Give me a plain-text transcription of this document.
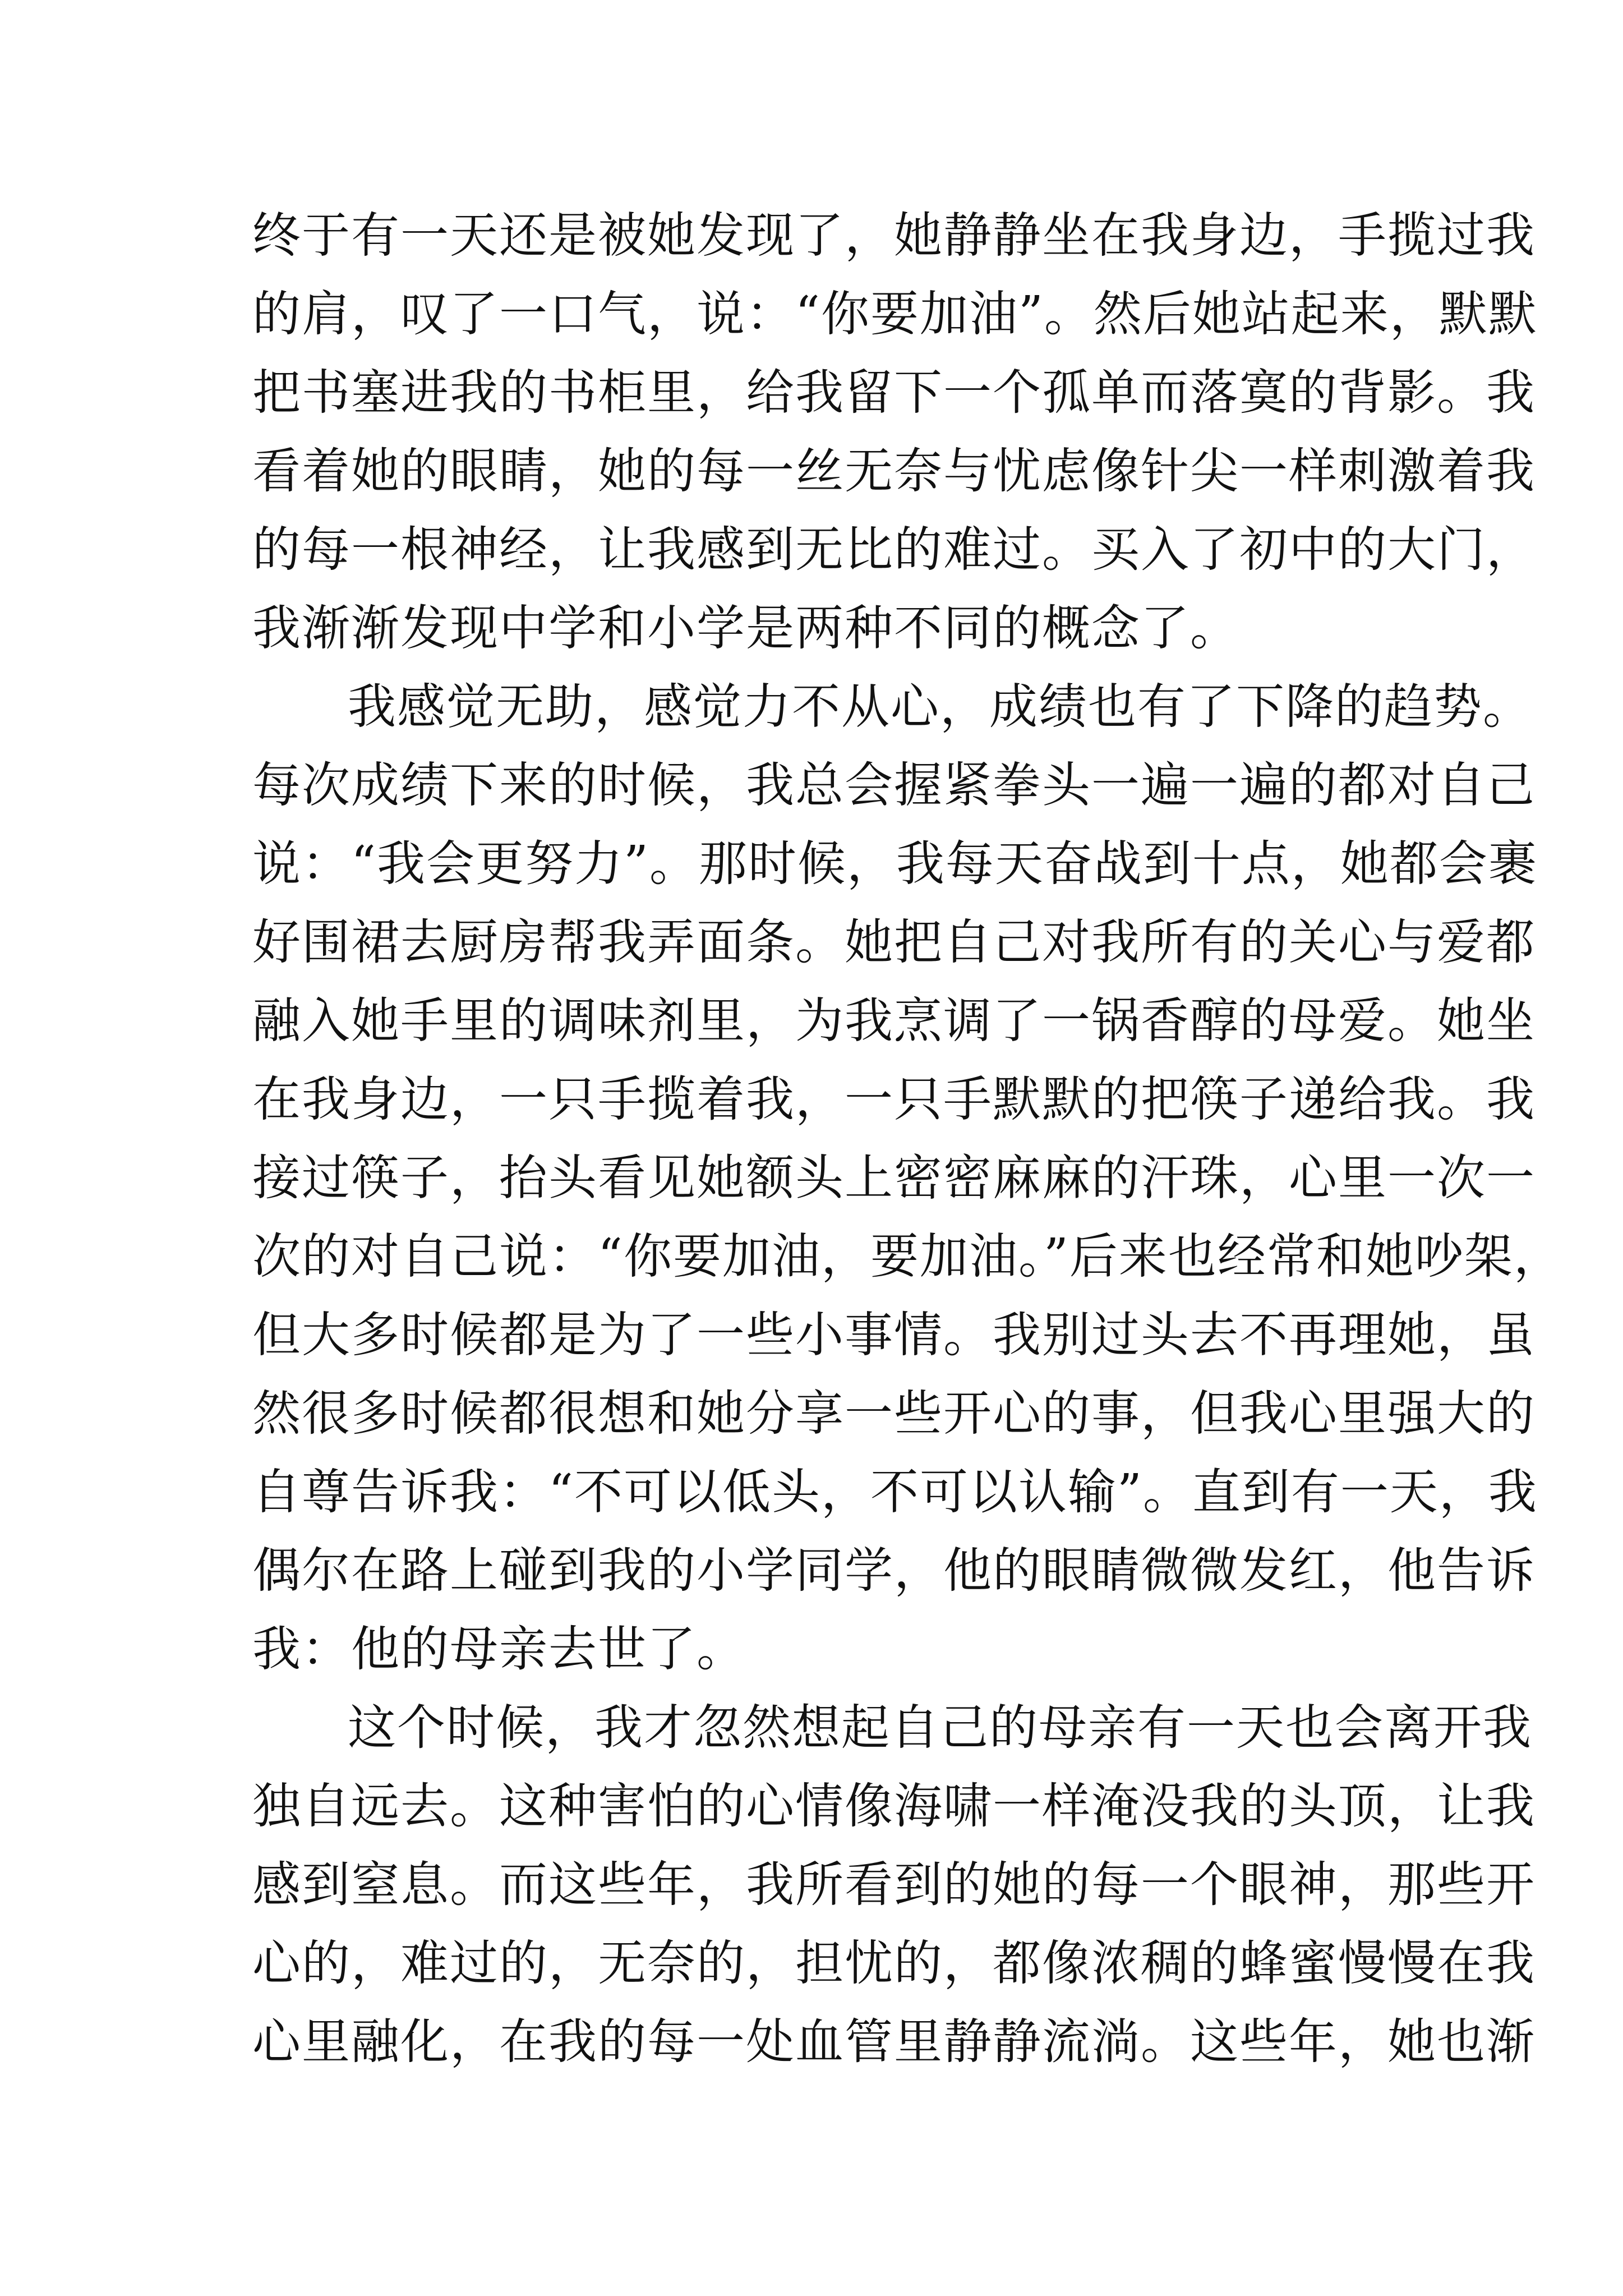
终于有一天还是被她发现了，她静静坐在我身边，手揽过我
的肩，叹了一口气，说：“你要加油”。然后她站起来，默默
把书塞进我的书柜里，给我留下一个孤单而落寞的背影。我
看着她的眼睛，她的每一丝无奈与忧虑像针尖一样刺激着我
的每一根神经，让我感到无比的难过。买入了初中的大门，
我渐渐发现中学和小学是两种不同的概念了。
我感觉无助，感觉力不从心，成绩也有了下降的趋势。
每次成绩下来的时候，我总会握紧拳头一遍一遍的都对自己
说：“我会更努力”。那时候，我每天奋战到十点，她都会裹
好围裙去厨房帮我弄面条。她把自己对我所有的关心与爱都
融入她手里的调味剂里，为我烹调了一锅香醇的母爱。她坐
在我身边，一只手揽着我，一只手默默的把筷子递给我。我
接过筷子，抬头看见她额头上密密麻麻的汗珠，心里一次一
次的对自己说：“你要加油，要加油。”后来也经常和她吵架，
但大多时候都是为了一些小事情。我别过头去不再理她，虽
然很多时候都很想和她分享一些开心的事，但我心里强大的
自尊告诉我：“不可以低头，不可以认输”。直到有一天，我
偶尔在路上碰到我的小学同学，他的眼睛微微发红，他告诉
我：他的母亲去世了。
这个时候，我才忽然想起自己的母亲有一天也会离开我
独自远去。这种害怕的心情像海啸一样淹没我的头顶，让我
感到窒息。而这些年，我所看到的她的每一个眼神，那些开
心的，难过的，无奈的，担忧的，都像浓稠的蜂蜜慢慢在我
心里融化，在我的每一处血管里静静流淌。这些年，她也渐
